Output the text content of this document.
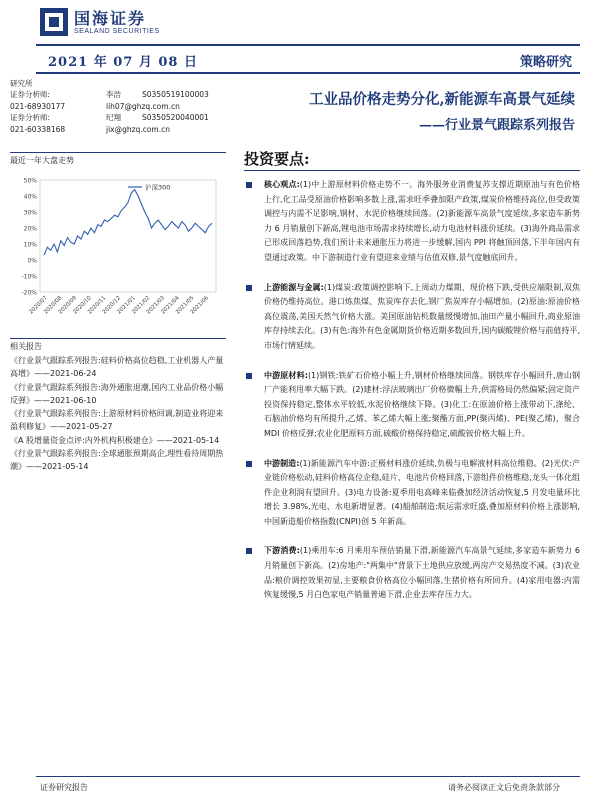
国海证券
SEALAND SECURITIES
2021 年 07 月 08 日	策略研究
研究所
证券分析师:	李浩	S0350519100003
021-68930177	lih07@ghzq.com.cn
证券分析师:	纪翔	S0350520040001
021-60338168	jix@ghzq.com.cn
最近一年大盘走势
-20%
-10%
0%
10%
20%
30%
40%
50%
2020/07
2020/08
2020/09
2020/10
2020/11
2020/12
2021/01
2021/02
2021/03
2021/04
2021/05
2021/06
沪深300
相关报告

《行业景气跟踪系列报告:硅料价格高位趋稳,工业机器人产量高增》——2021-06-24

《行业景气跟踪系列报告:海外通胀退潮,国内工业品价格小幅反弹》——2021-06-10

《行业景气跟踪系列报告:上游原材料价格回调,制造业将迎来盈利修复》——2021-05-27

《A 股增量资金点评:内外机构积极建仓》——2021-05-14

《行业景气跟踪系列报告:全球通胀预期高企,理性看待周期热潮》——2021-05-14

工业品价格走势分化,新能源车高景气延续
——行业景气跟踪系列报告
投资要点:
核心观点:(1)中上游原材料价格走势不一。海外服务业消费复苏支撑近期原油与有色价格上行,化工品受原油价格影响多数上涨,需求旺季叠加限产政策,煤炭价格维持高位,但受政策调控与内需不足影响,钢材、水泥价格继续回落。(2)新能源车高景气度延续,多家造车新势力 6 月销量创下新高,锂电池市场需求持续增长,动力电池材料涨价延续。(3)海外商品需求已形成回落趋势,我们预计未来通胀压力将进一步缓解,国内 PPI 将触顶回落,下半年国内有望通过政策。中下游制造行业有望迎来业绩与估值双修,景气度触底回升。
上游能源与金属:(1)煤炭:政策调控影响下,上周动力煤期、现价格下跌,受供应端限制,双焦价格仍维持高位。港口炼焦煤、焦炭库存去化,钢厂焦炭库存小幅增加。(2)原油:原油价格高位震荡,美国天然气价格大涨。美国原油钻机数量缓慢增加,油田产量小幅回升,商业原油库存持续去化。(3)有色:海外有色金属期货价格近期多数回升,国内碳酸锂价格与前值持平,市场行情延续。
中游原材料:(1)钢铁:铁矿石价格小幅上升,钢材价格继续回落。钢铁库存小幅回升,唐山钢厂产能利用率大幅下跌。(2)建材:浮法玻璃出厂价格微幅上升,供需格局仍然偏紧;固定资产投资保持稳定,整体水平较低,水泥价格继续下降。(3)化工:在原油价格上涨带动下,涤纶、石脑油价格均有所提升,乙烯、苯乙烯大幅上涨;聚酯方面,PP(聚丙烯)、PE(聚乙烯)、聚合 MDI 价格反弹;农业化肥原料方面,硫酸价格保持稳定,硫酸铵价格大幅上升。
中游制造:(1)新能源汽车中游:正极材料涨价延续,负极与电解液材料高位维稳。(2)光伏:产业链价格松动,硅料价格高位企稳,硅片、电池片价格回落,下游组件价格维稳,龙头一体化组件企业利润有望回升。(3)电力设备:夏季用电高峰来临叠加经济活动恢复,5 月发电量环比增长 3.98%,光电、水电新增显著。(4)船舶制造:航运需求旺盛,叠加原材料价格上涨影响,中国新造船价格指数(CNPI)创 5 年新高。
下游消费:(1)乘用车:6 月乘用车预估销量下滑,新能源汽车高景气延续,多家造车新势力 6 月销量创下新高。(2)房地产:"两集中"背景下土地供应放缓,两房产交易热度不减。(3)农业品:粮价调控效果初显,主要粮食价格高位小幅回落,生猪价格有所回升。(4)家用电器:内需恢复缓慢,5 月白色家电产销量普遍下滑,企业去库存压力大。
证券研究报告	请务必阅读正文后免责条款部分
